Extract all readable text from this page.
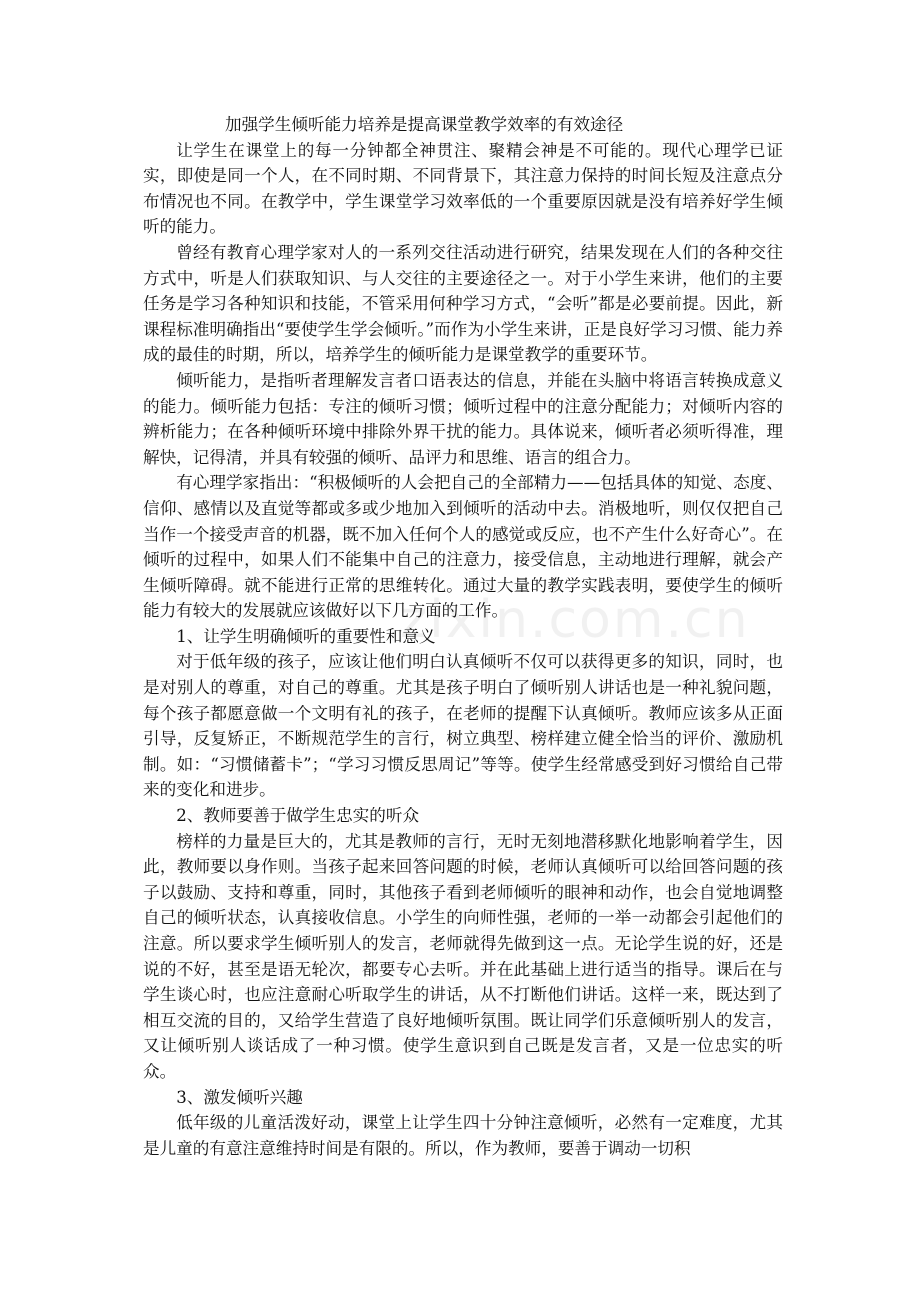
zixin.com.cn
加强学生倾听能力培养是提高课堂教学效率的有效途径

让学生在课堂上的每一分钟都全神贯注、聚精会神是不可能的。现代心理学已证实，即使是同一个人，在不同时期、不同背景下，其注意力保持的时间长短及注意点分布情况也不同。在教学中，学生课堂学习效率低的一个重要原因就是没有培养好学生倾听的能力。

曾经有教育心理学家对人的一系列交往活动进行研究，结果发现在人们的各种交往方式中，听是人们获取知识、与人交往的主要途径之一。对于小学生来讲，他们的主要任务是学习各种知识和技能，不管采用何种学习方式，“会听”都是必要前提。因此，新课程标准明确指出“要使学生学会倾听。”而作为小学生来讲，正是良好学习习惯、能力养成的最佳的时期，所以，培养学生的倾听能力是课堂教学的重要环节。

倾听能力，是指听者理解发言者口语表达的信息，并能在头脑中将语言转换成意义的能力。倾听能力包括：专注的倾听习惯；倾听过程中的注意分配能力；对倾听内容的辨析能力；在各种倾听环境中排除外界干扰的能力。具体说来，倾听者必须听得准，理解快，记得清，并具有较强的倾听、品评力和思维、语言的组合力。

有心理学家指出：“积极倾听的人会把自己的全部精力——包括具体的知觉、态度、信仰、感情以及直觉等都或多或少地加入到倾听的活动中去。消极地听，则仅仅把自己当作一个接受声音的机器，既不加入任何个人的感觉或反应，也不产生什么好奇心”。在倾听的过程中，如果人们不能集中自己的注意力，接受信息，主动地进行理解，就会产生倾听障碍。就不能进行正常的思维转化。通过大量的教学实践表明，要使学生的倾听能力有较大的发展就应该做好以下几方面的工作。

1、让学生明确倾听的重要性和意义

对于低年级的孩子，应该让他们明白认真倾听不仅可以获得更多的知识，同时，也是对别人的尊重，对自己的尊重。尤其是孩子明白了倾听别人讲话也是一种礼貌问题，每个孩子都愿意做一个文明有礼的孩子，在老师的提醒下认真倾听。教师应该多从正面引导，反复矫正，不断规范学生的言行，树立典型、榜样建立健全恰当的评价、激励机制。如：“习惯储蓄卡”；“学习习惯反思周记”等等。使学生经常感受到好习惯给自己带来的变化和进步。

2、教师要善于做学生忠实的听众

榜样的力量是巨大的，尤其是教师的言行，无时无刻地潜移默化地影响着学生，因此，教师要以身作则。当孩子起来回答问题的时候，老师认真倾听可以给回答问题的孩子以鼓励、支持和尊重，同时，其他孩子看到老师倾听的眼神和动作，也会自觉地调整自己的倾听状态，认真接收信息。小学生的向师性强，老师的一举一动都会引起他们的注意。所以要求学生倾听别人的发言，老师就得先做到这一点。无论学生说的好，还是说的不好，甚至是语无轮次，都要专心去听。并在此基础上进行适当的指导。课后在与学生谈心时，也应注意耐心听取学生的讲话，从不打断他们讲话。这样一来，既达到了相互交流的目的，又给学生营造了良好地倾听氛围。既让同学们乐意倾听别人的发言，又让倾听别人谈话成了一种习惯。使学生意识到自己既是发言者，又是一位忠实的听众。

3、激发倾听兴趣

低年级的儿童活泼好动，课堂上让学生四十分钟注意倾听，必然有一定难度，尤其是儿童的有意注意维持时间是有限的。所以，作为教师，要善于调动一切积
